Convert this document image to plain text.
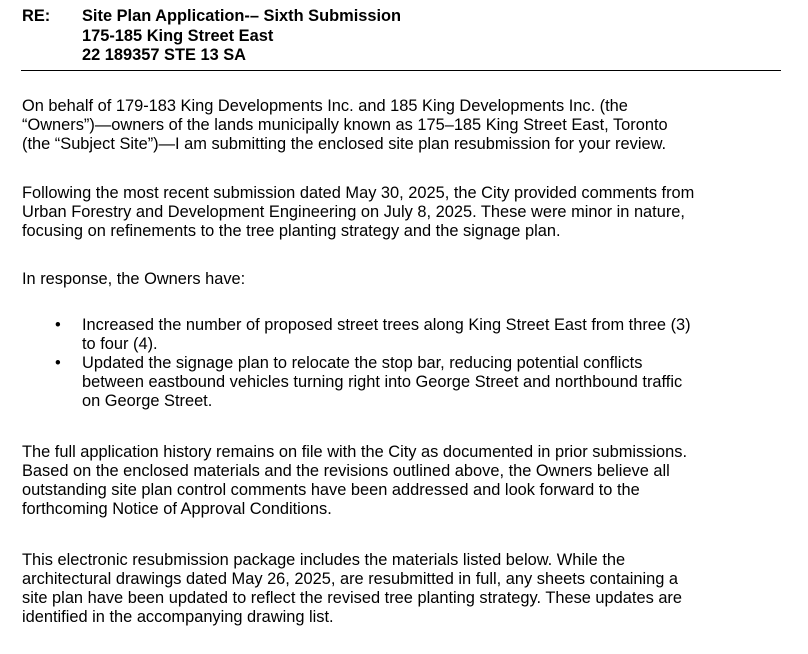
RE: Site Plan Application-– Sixth Submission
175-185 King Street East
22 189357 STE 13 SA
On behalf of 179-183 King Developments Inc. and 185 King Developments Inc. (the
“Owners”)—owners of the lands municipally known as 175–185 King Street East, Toronto
(the “Subject Site”)—I am submitting the enclosed site plan resubmission for your review.
Following the most recent submission dated May 30, 2025, the City provided comments from
Urban Forestry and Development Engineering on July 8, 2025. These were minor in nature,
focusing on refinements to the tree planting strategy and the signage plan.
In response, the Owners have:
• Increased the number of proposed street trees along King Street East from three (3)
to four (4).
• Updated the signage plan to relocate the stop bar, reducing potential conflicts
between eastbound vehicles turning right into George Street and northbound traffic
on George Street.
The full application history remains on file with the City as documented in prior submissions.
Based on the enclosed materials and the revisions outlined above, the Owners believe all
outstanding site plan control comments have been addressed and look forward to the
forthcoming Notice of Approval Conditions.
This electronic resubmission package includes the materials listed below. While the
architectural drawings dated May 26, 2025, are resubmitted in full, any sheets containing a
site plan have been updated to reflect the revised tree planting strategy. These updates are
identified in the accompanying drawing list.
